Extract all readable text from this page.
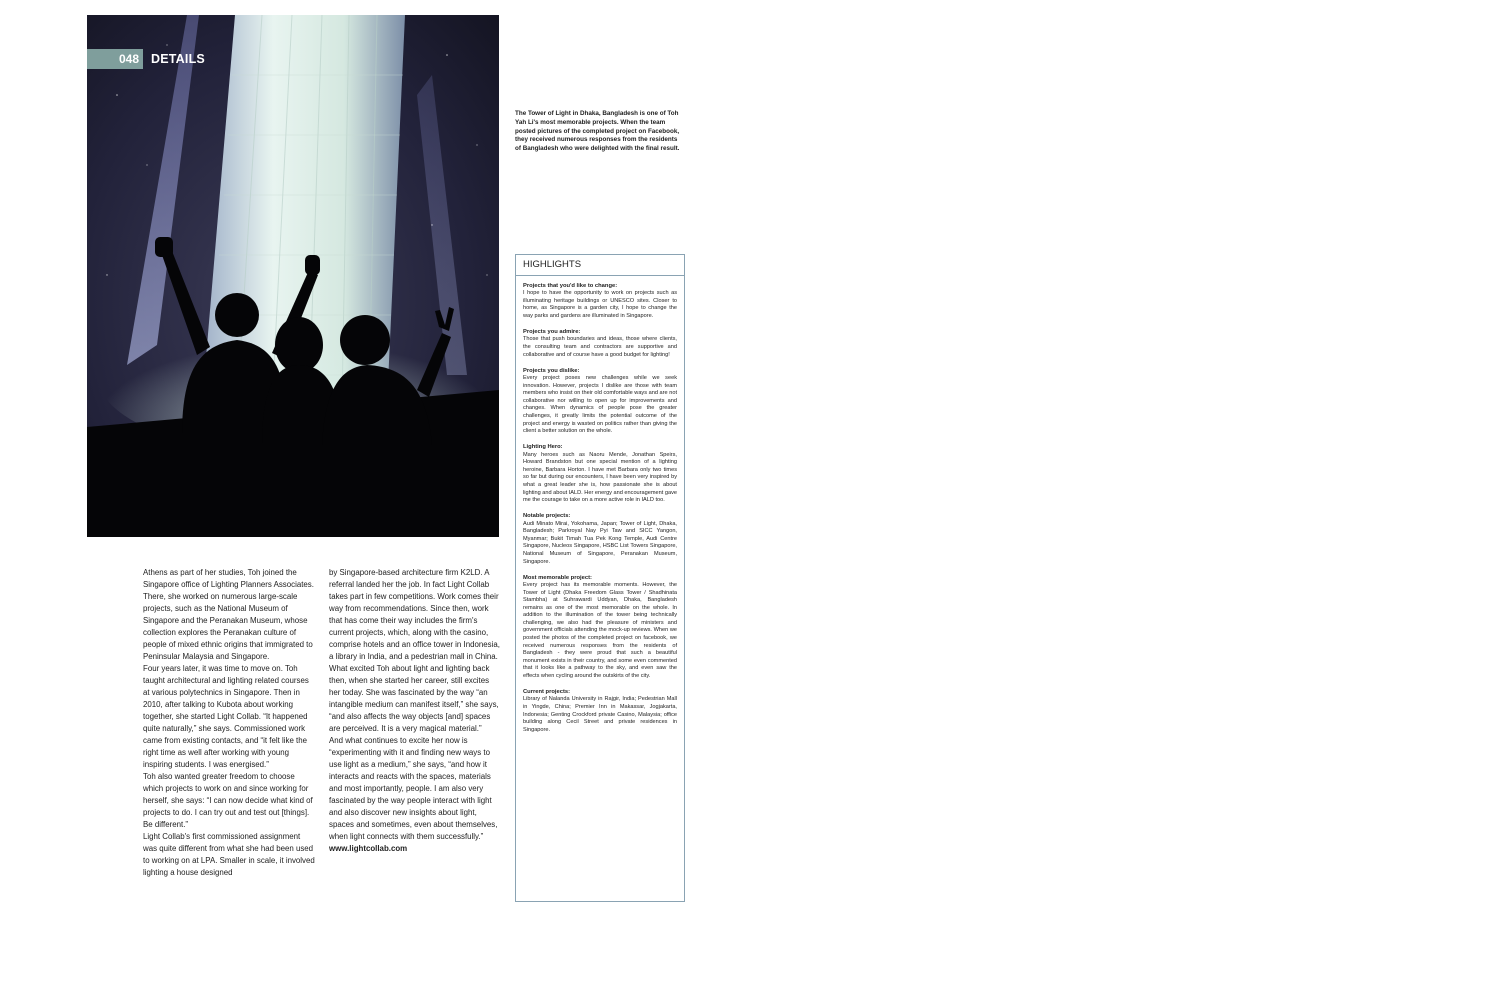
048 DETAILS
The Tower of Light in Dhaka, Bangladesh is one of Toh Yah Li's most memorable projects. When the team posted pictures of the completed project on Facebook, they received numerous responses from the residents of Bangladesh who were delighted with the final result.

Athens as part of her studies, Toh joined the Singapore office of Lighting Planners Associates. There, she worked on numerous large-scale projects, such as the National Museum of Singapore and the Peranakan Museum, whose collection explores the Peranakan culture of people of mixed ethnic origins that immigrated to Peninsular Malaysia and Singapore.

Four years later, it was time to move on. Toh taught architectural and lighting related courses at various polytechnics in Singapore. Then in 2010, after talking to Kubota about working together, she started Light Collab. “It happened quite naturally,” she says. Commissioned work came from existing contacts, and “it felt like the right time as well after working with young inspiring students. I was energised.”

Toh also wanted greater freedom to choose which projects to work on and since working for herself, she says: “I can now decide what kind of projects to do. I can try out and test out [things]. Be different.”

Light Collab's first commissioned assignment was quite different from what she had been used to working on at LPA. Smaller in scale, it involved lighting a house designed

by Singapore-based architecture firm K2LD. A referral landed her the job. In fact Light Collab takes part in few competitions. Work comes their way from recommendations. Since then, work that has come their way includes the firm's current projects, which, along with the casino, comprise hotels and an office tower in Indonesia, a library in India, and a pedestrian mall in China. What excited Toh about light and lighting back then, when she started her career, still excites her today. She was fascinated by the way “an intangible medium can manifest itself,” she says, “and also affects the way objects [and] spaces are perceived. It is a very magical material.”

And what continues to excite her now is “experimenting with it and finding new ways to use light as a medium,” she says, “and how it interacts and reacts with the spaces, materials and most importantly, people. I am also very fascinated by the way people interact with light and also discover new insights about light, spaces and sometimes, even about themselves, when light connects with them successfully.”

www.lightcollab.com

HIGHLIGHTS
Projects that you'd like to change:
I hope to have the opportunity to work on projects such as illuminating heritage buildings or UNESCO sites. Closer to home, as Singapore is a garden city, I hope to change the way parks and gardens are illuminated in Singapore.
Projects you admire:
Those that push boundaries and ideas, those where clients, the consulting team and contractors are supportive and collaborative and of course have a good budget for lighting!
Projects you dislike:
Every project poses new challenges while we seek innovation. However, projects I dislike are those with team members who insist on their old comfortable ways and are not collaborative nor willing to open up for improvements and changes. When dynamics of people pose the greater challenges, it greatly limits the potential outcome of the project and energy is wasted on politics rather than giving the client a better solution on the whole.
Lighting Hero:
Many heroes such as Naoru Mende, Jonathan Speirs, Howard Brandston but one special mention of a lighting heroine, Barbara Horton. I have met Barbara only two times so far but during our encounters, I have been very inspired by what a great leader she is, how passionate she is about lighting and about IALD. Her energy and encouragement gave me the courage to take on a more active role in IALD too.
Notable projects:
Audi Minato Mirai, Yokohama, Japan; Tower of Light, Dhaka, Bangladesh; Parkroyal Nay Pyi Taw and SICC Yangon, Myanmar; Bukit Timah Tua Pek Kong Temple, Audi Centre Singapore, Nucleos Singapore, HSBC List Towers Singapore, National Museum of Singapore, Peranakan Museum, Singapore.
Most memorable project:
Every project has its memorable moments. However, the Tower of Light (Dhaka Freedom Glass Tower / Shadhinata Stambha) at Suhrawardi Uddyan, Dhaka, Bangladesh remains as one of the most memorable on the whole. In addition to the illumination of the tower being technically challenging, we also had the pleasure of ministers and government officials attending the mock-up reviews. When we posted the photos of the completed project on facebook, we received numerous responses from the residents of Bangladesh - they were proud that such a beautiful monument exists in their country, and some even commented that it looks like a pathway to the sky, and even saw the effects when cycling around the outskirts of the city.
Current projects:
Library of Nalanda University in Rajgir, India; Pedestrian Mall in Yingde, China; Premier Inn in Makassar, Jogjakarta, Indonesia; Genting Crockford private Casino, Malaysia; office building along Cecil Street and private residences in Singapore.
